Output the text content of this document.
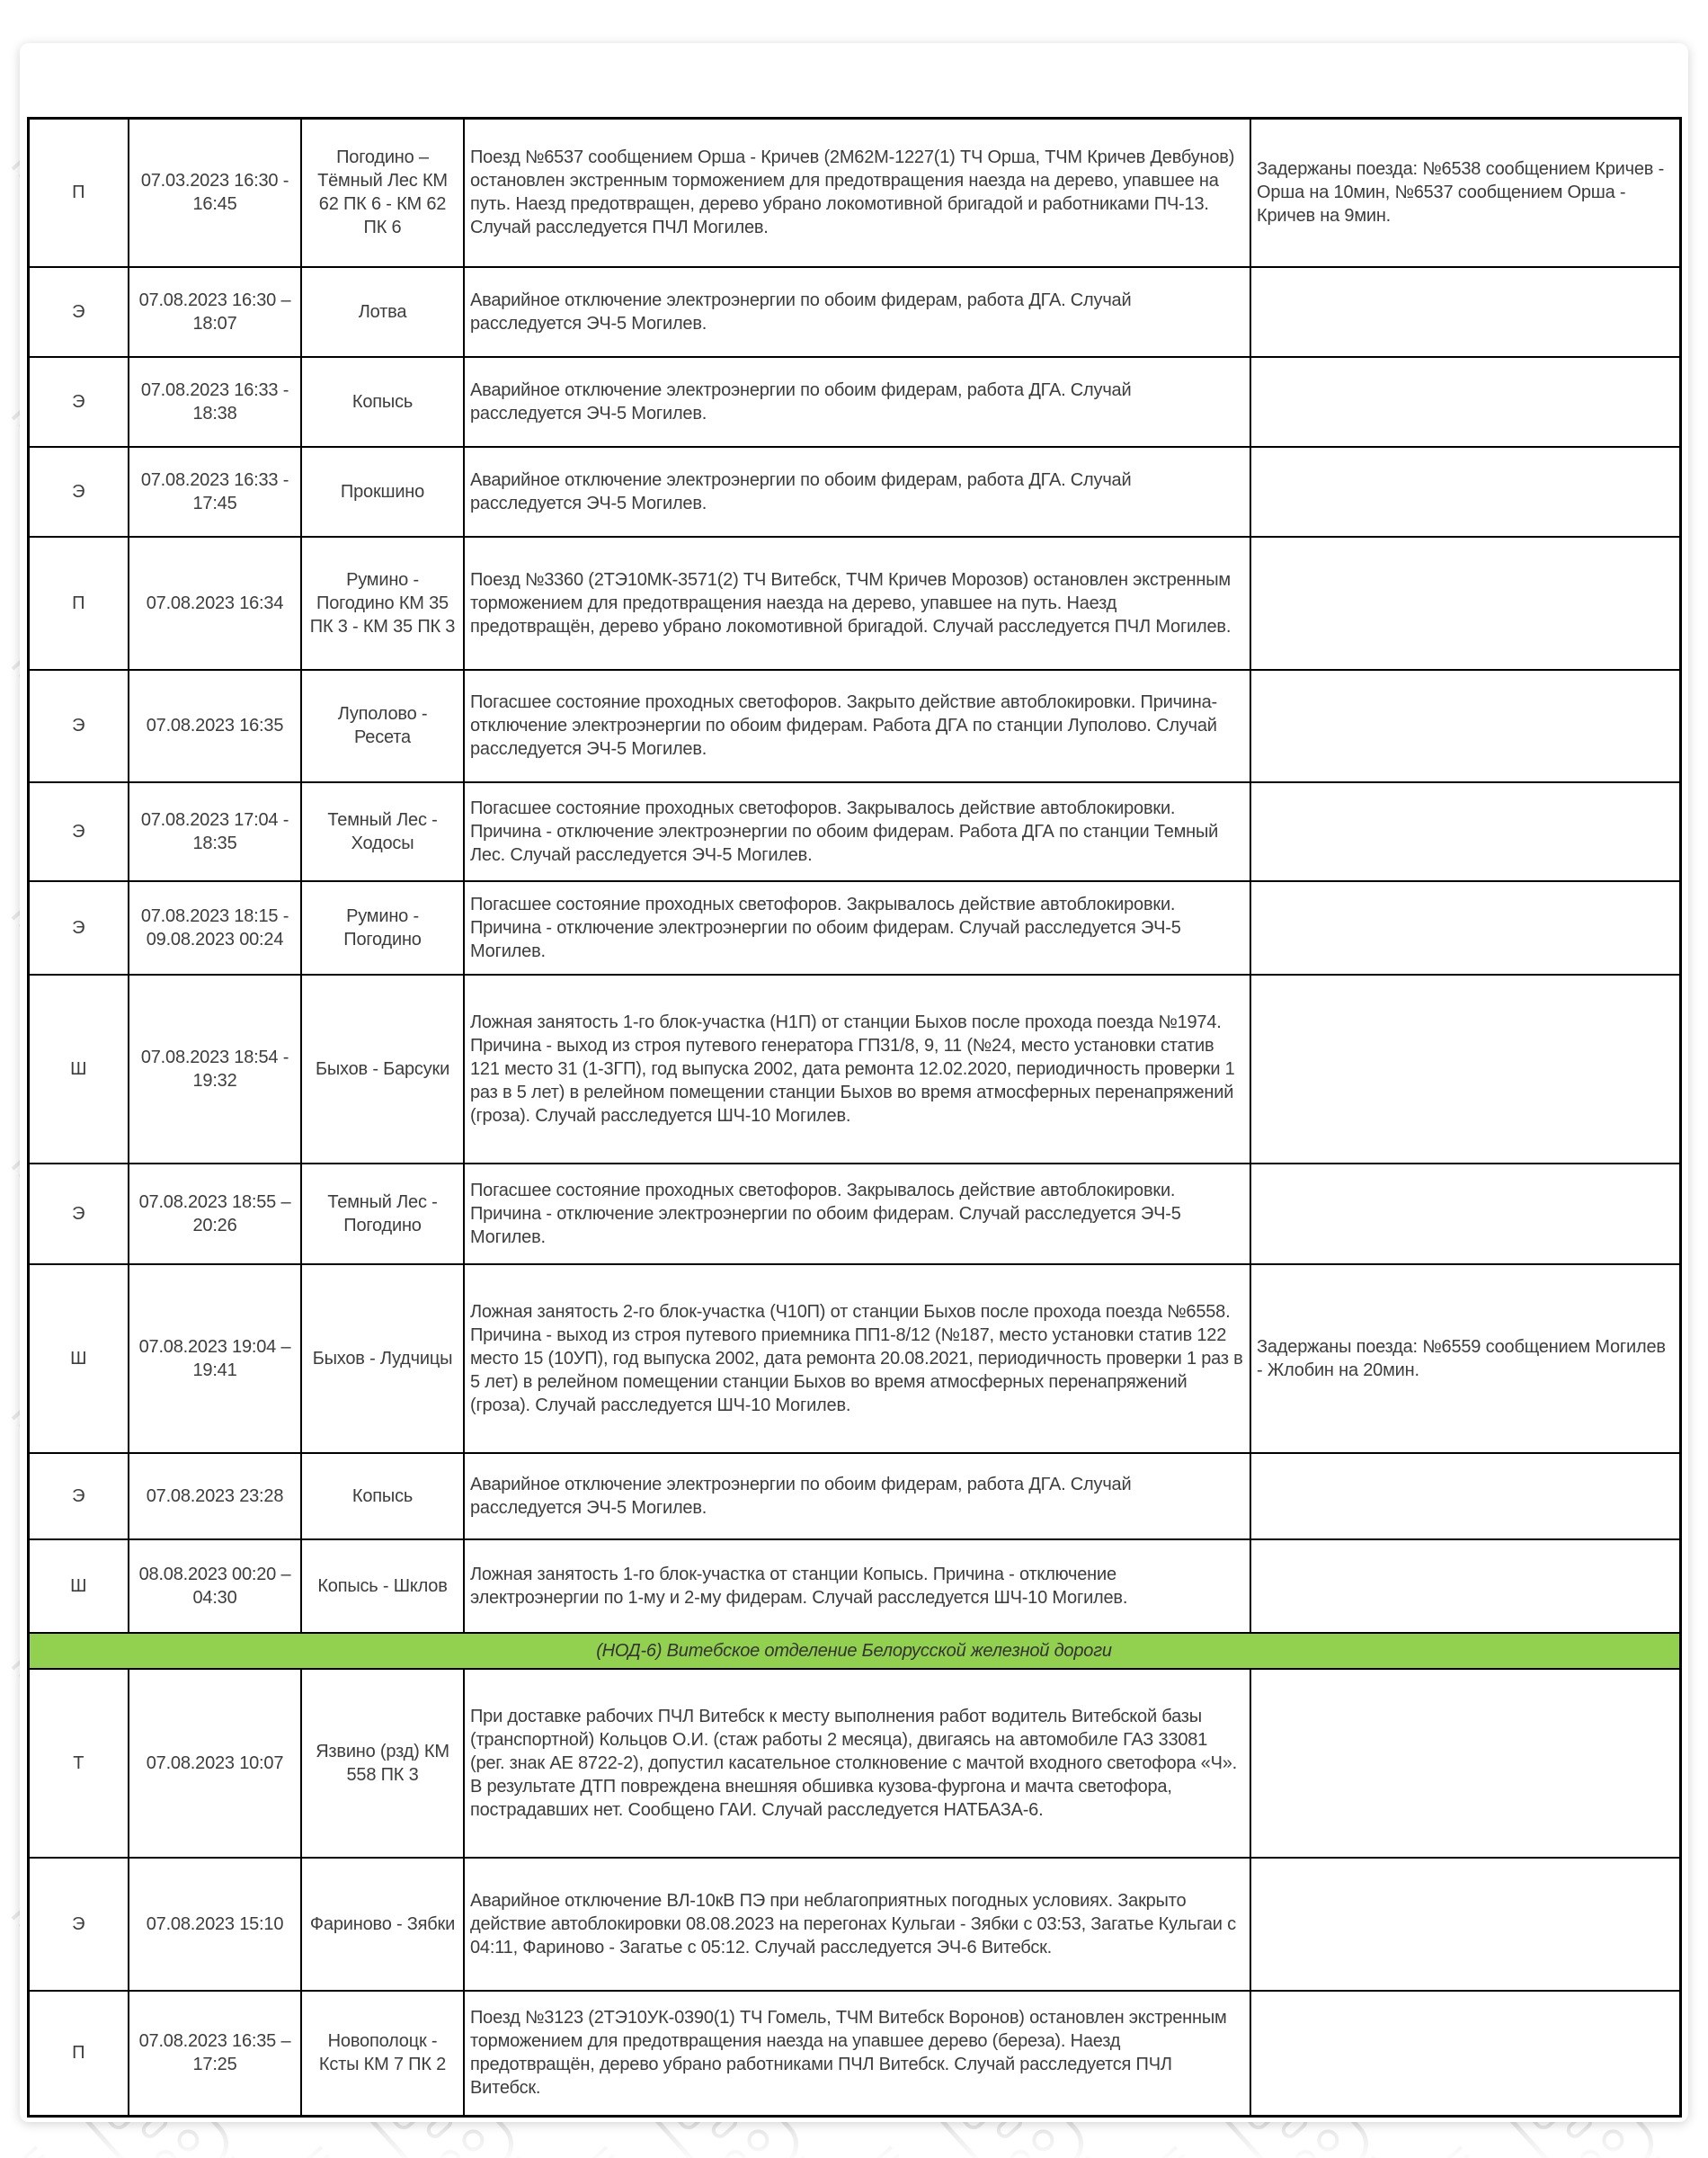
П	07.03.2023 16:30 - 16:45	Погодино – Тёмный Лес КМ 62 ПК 6 - КМ 62 ПК 6	Поезд №6537 сообщением Орша - Кричев (2М62М-1227(1) ТЧ Орша, ТЧМ Кричев Девбунов) остановлен экстренным торможением для предотвращения наезда на дерево, упавшее на путь. Наезд предотвращен, дерево убрано локомотивной бригадой и работниками ПЧ-13. Случай расследуется ПЧЛ Могилев.	Задержаны поезда: №6538 сообщением Кричев - Орша на 10мин, №6537 сообщением Орша - Кричев на 9мин.
Э	07.08.2023 16:30 – 18:07	Лотва	Аварийное отключение электроэнергии по обоим фидерам, работа ДГА. Случай расследуется ЭЧ-5 Могилев.	
Э	07.08.2023 16:33 - 18:38	Копысь	Аварийное отключение электроэнергии по обоим фидерам, работа ДГА. Случай расследуется ЭЧ-5 Могилев.	
Э	07.08.2023 16:33 - 17:45	Прокшино	Аварийное отключение электроэнергии по обоим фидерам, работа ДГА. Случай расследуется ЭЧ-5 Могилев.	
П	07.08.2023 16:34	Румино - Погодино КМ 35 ПК 3 - КМ 35 ПК 3	Поезд №3360 (2ТЭ10МК-3571(2) ТЧ Витебск, ТЧМ Кричев Морозов) остановлен экстренным торможением для предотвращения наезда на дерево, упавшее на путь. Наезд предотвращён, дерево убрано локомотивной бригадой. Случай расследуется ПЧЛ Могилев.	
Э	07.08.2023 16:35	Луполово - Ресета	Погасшее состояние проходных светофоров. Закрыто действие автоблокировки. Причина- отключение электроэнергии по обоим фидерам. Работа ДГА по станции Луполово. Случай расследуется ЭЧ-5 Могилев.	
Э	07.08.2023 17:04 - 18:35	Темный Лес - Ходосы	Погасшее состояние проходных светофоров. Закрывалось действие автоблокировки. Причина - отключение электроэнергии по обоим фидерам. Работа ДГА по станции Темный Лес. Случай расследуется ЭЧ-5 Могилев.	
Э	07.08.2023 18:15 - 09.08.2023 00:24	Румино - Погодино	Погасшее состояние проходных светофоров. Закрывалось действие автоблокировки. Причина - отключение электроэнергии по обоим фидерам. Случай расследуется ЭЧ-5 Могилев.	
Ш	07.08.2023 18:54 - 19:32	Быхов - Барсуки	Ложная занятость 1-го блок-участка (Н1П) от станции Быхов после прохода поезда №1974. Причина - выход из строя путевого генератора ГП31/8, 9, 11 (№24, место установки статив 121 место 31 (1-3ГП), год выпуска 2002, дата ремонта 12.02.2020, периодичность проверки 1 раз в 5 лет) в релейном помещении станции Быхов во время атмосферных перенапряжений (гроза). Случай расследуется ШЧ-10 Могилев.	
Э	07.08.2023 18:55 – 20:26	Темный Лес - Погодино	Погасшее состояние проходных светофоров. Закрывалось действие автоблокировки. Причина - отключение электроэнергии по обоим фидерам. Случай расследуется ЭЧ-5 Могилев.	
Ш	07.08.2023 19:04 – 19:41	Быхов - Лудчицы	Ложная занятость 2-го блок-участка (Ч10П) от станции Быхов после прохода поезда №6558. Причина - выход из строя путевого приемника ПП1-8/12 (№187, место установки статив 122 место 15 (10УП), год выпуска 2002, дата ремонта 20.08.2021, периодичность проверки 1 раз в 5 лет) в релейном помещении станции Быхов во время атмосферных перенапряжений (гроза). Случай расследуется ШЧ-10 Могилев.	Задержаны поезда: №6559 сообщением Могилев - Жлобин на 20мин.
Э	07.08.2023 23:28	Копысь	Аварийное отключение электроэнергии по обоим фидерам, работа ДГА. Случай расследуется ЭЧ-5 Могилев.	
Ш	08.08.2023 00:20 – 04:30	Копысь - Шклов	Ложная занятость 1-го блок-участка от станции Копысь. Причина - отключение электроэнергии по 1-му и 2-му фидерам. Случай расследуется ШЧ-10 Могилев.	
(НОД-6) Витебское отделение Белорусской железной дороги				
Т	07.08.2023 10:07	Язвино (рзд) КМ 558 ПК 3	При доставке рабочих ПЧЛ Витебск к месту выполнения работ водитель Витебской базы (транспортной) Кольцов О.И. (стаж работы 2 месяца), двигаясь на автомобиле ГАЗ 33081 (рег. знак АЕ 8722-2), допустил касательное столкновение с мачтой входного светофора «Ч». В результате ДТП повреждена внешняя обшивка кузова-фургона и мачта светофора, пострадавших нет. Сообщено ГАИ. Случай расследуется НАТБАЗА-6.	
Э	07.08.2023 15:10	Фариново - Зябки	Аварийное отключение ВЛ-10кВ ПЭ при неблагоприятных погодных условиях. Закрыто действие автоблокировки 08.08.2023 на перегонах Кульгаи - Зябки с 03:53, Загатье Кульгаи с 04:11, Фариново - Загатье с 05:12. Случай расследуется ЭЧ-6 Витебск.	
П	07.08.2023 16:35 – 17:25	Новополоцк - Ксты КМ 7 ПК 2	Поезд №3123 (2ТЭ10УК-0390(1) ТЧ Гомель, ТЧМ Витебск Воронов) остановлен экстренным торможением для предотвращения наезда на упавшее дерево (береза). Наезд предотвращён, дерево убрано работниками ПЧЛ Витебск. Случай расследуется ПЧЛ Витебск.	
